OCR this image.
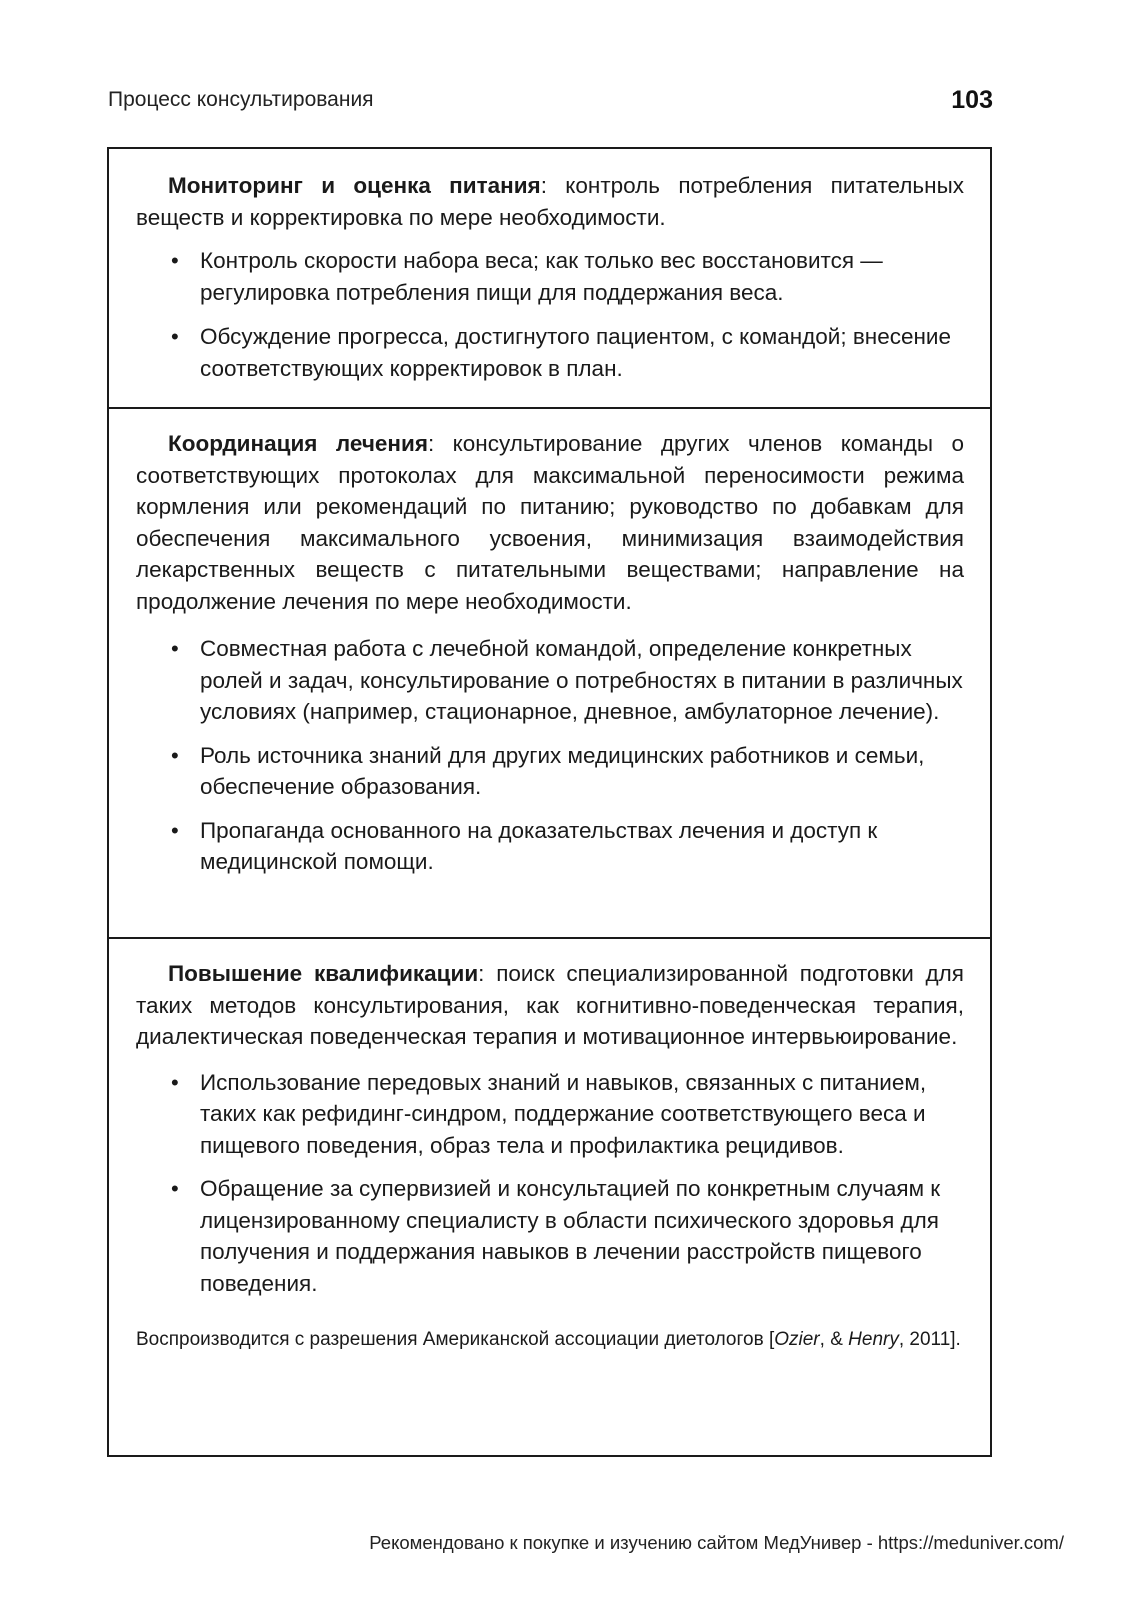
Процесс консультирования	103

Мониторинг и оценка питания: контроль потребления питательных веществ и корректировка по мере необходимости.

• Контроль скорости набора веса; как только вес восстановится — регулировка потребления пищи для поддержания веса.
• Обсуждение прогресса, достигнутого пациентом, с командой; внесение соответствующих корректировок в план.

Координация лечения: консультирование других членов команды о соответствующих протоколах для максимальной переносимости режима кормления или рекомендаций по питанию; руководство по добавкам для обеспечения максимального усвоения, минимизация взаимодействия лекарственных веществ с питательными веществами; направление на продолжение лечения по мере необходимости.

• Совместная работа с лечебной командой, определение конкретных ролей и задач, консультирование о потребностях в питании в различных условиях (например, стационарное, дневное, амбулаторное лечение).
• Роль источника знаний для других медицинских работников и семьи, обеспечение образования.
• Пропаганда основанного на доказательствах лечения и доступ к медицинской помощи.

Повышение квалификации: поиск специализированной подготовки для таких методов консультирования, как когнитивно-поведенческая терапия, диалектическая поведенческая терапия и мотивационное интервьюирование.

• Использование передовых знаний и навыков, связанных с питанием, таких как рефидинг-синдром, поддержание соответствующего веса и пищевого поведения, образ тела и профилактика рецидивов.
• Обращение за супервизией и консультацией по конкретным случаям к лицензированному специалисту в области психического здоровья для получения и поддержания навыков в лечении расстройств пищевого поведения.
Воспроизводится с разрешения Американской ассоциации диетологов [Ozier, & Henry, 2011].
Рекомендовано к покупке и изучению сайтом МедУнивер - https://meduniver.com/
